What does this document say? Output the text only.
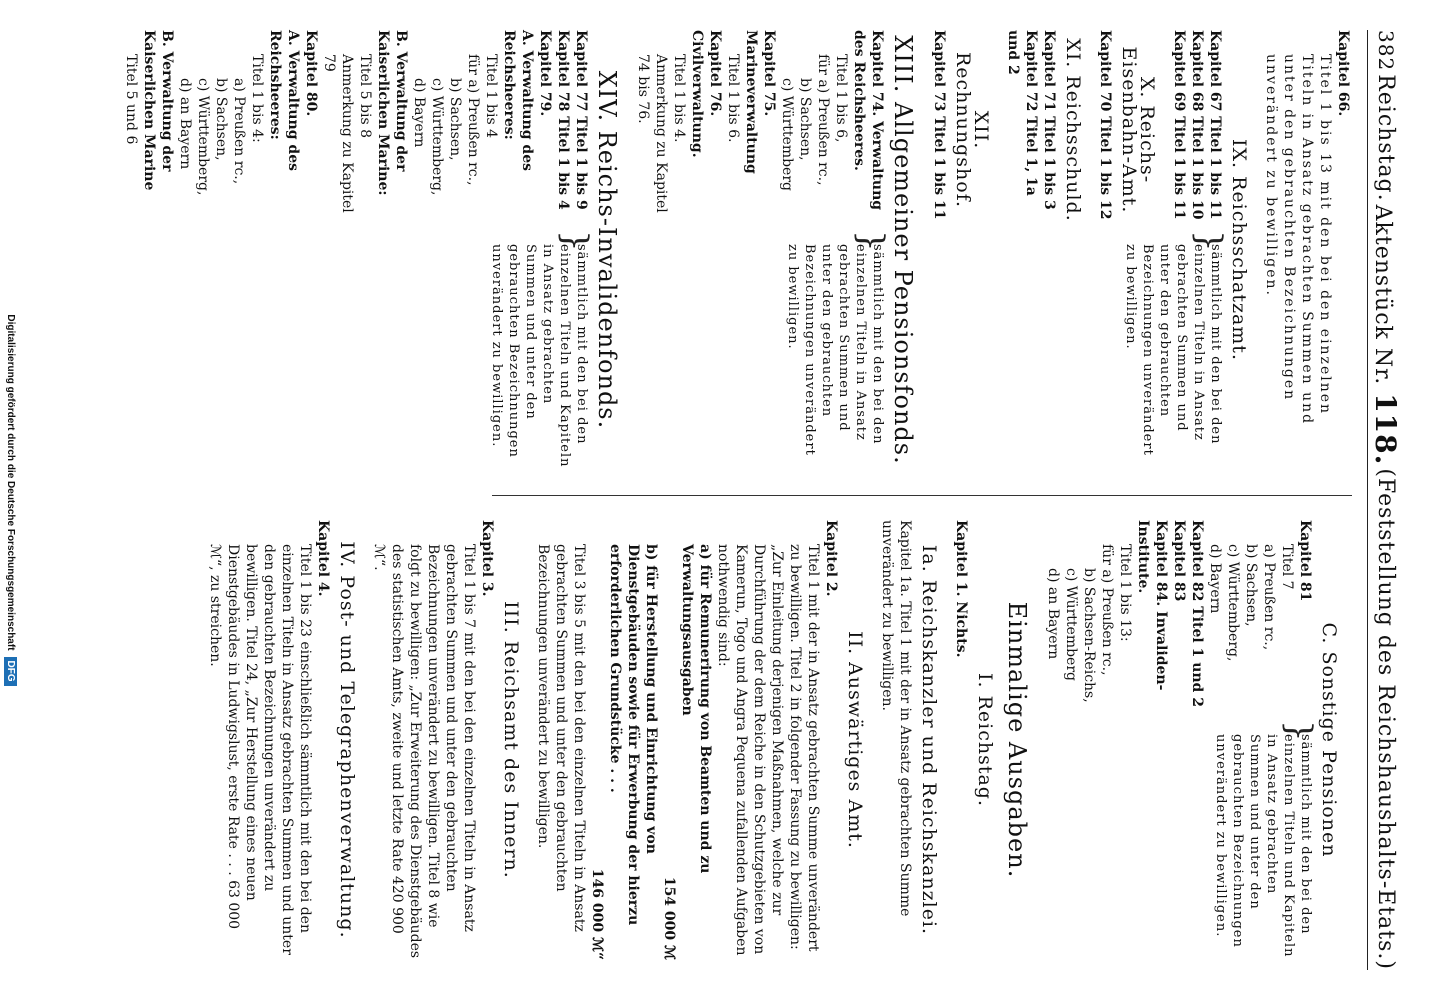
382
Reichstag.
Aktenstück Nr. 118.
(Feststellung des Reichshaushalts-Etats.)
Kapitel 66.
Titel 1 bis 13 mit den bei den einzelnen Titeln in Ansatz gebrachten Summen und unter den gebrauchten Bezeichnungen unverändert zu bewilligen.
IX. Reichsschatzamt.
Kapitel 67 Titel 1 bis 11
Kapitel 68 Titel 1 bis 10
Kapitel 69 Titel 1 bis 11
X. Reichs-Eisenbahn-Amt.
Kapitel 70 Titel 1 bis 12
XI. Reichsschuld.
Kapitel 71 Titel 1 bis 3
Kapitel 72 Titel 1, 1a und 2
XII. Rechnungshof.
Kapitel 73 Titel 1 bis 11
}
sämmtlich mit den bei den einzelnen Titeln in Ansatz gebrachten Summen und unter den gebrauchten Bezeichnungen unverändert zu bewilligen.
XIII. Allgemeiner Pensionsfonds.
Kapitel 74. Verwaltung des Reichsheeres.
Titel 1 bis 6,
für a) Preußen rc.,
b) Sachsen,
c) Württemberg
Kapitel 75. Marineverwaltung
Titel 1 bis 6.
Kapitel 76. Civilverwaltung.
Titel 1 bis 4.
Anmerkung zu Kapitel 74 bis 76.
}
sämmtlich mit den bei den einzelnen Titeln in Ansatz gebrachten Summen und unter den gebrauchten Bezeichnungen unverändert zu bewilligen.
XIV. Reichs-Invalidenfonds.
Kapitel 77 Titel 1 bis 9
Kapitel 78 Titel 1 bis 4
Kapitel 79.
A. Verwaltung des Reichsheeres:
Titel 1 bis 4
für a) Preußen rc.,
b) Sachsen,
c) Württemberg,
d) Bayern
B. Verwaltung der Kaiserlichen Marine:
Titel 5 bis 8
Anmerkung zu Kapitel 79
Kapitel 80.
A. Verwaltung des Reichsheeres:
Titel 1 bis 4:
a) Preußen rc.,
b) Sachsen,
c) Württemberg,
d) an Bayern
B. Verwaltung der Kaiserlichen Marine
Titel 5 und 6
}
sämmtlich mit den bei den einzelnen Titeln und Kapiteln in Ansatz gebrachten Summen und unter den gebrauchten Bezeichnungen unverändert zu bewilligen.
C. Sonstige Pensionen
Kapitel 81
Titel 7
a) Preußen rc.,
b) Sachsen,
c) Württemberg,
d) Bayern
Kapitel 82 Titel 1 und 2
Kapitel 83
Kapitel 84. Invaliden-Institute.
Titel 1 bis 13:
für a) Preußen rc.,
b) Sachsen-Reichs,
c) Württemberg
d) an Bayern
}
sämmtlich mit den bei den einzelnen Titeln und Kapiteln in Ansatz gebrachten Summen und unter den gebrauchten Bezeichnungen unverändert zu bewilligen.
Einmalige Ausgaben.
I. Reichstag.
Kapitel 1. Nichts.
Ia. Reichskanzler und Reichskanzlei.
Kapitel 1a. Titel 1 mit der in Ansatz gebrachten Summe unverändert zu bewilligen.
II. Auswärtiges Amt.
Kapitel 2.
Titel 1 mit der in Ansatz gebrachten Summe unverändert zu bewilligen. Titel 2 in folgender Fassung zu bewilligen: „Zur Einleitung derjenigen Maßnahmen, welche zur Durchführung der dem Reiche in den Schutzgebieten von Kamerun, Togo und Angra Pequena zufallenden Aufgaben nothwendig sind:
a) für Remunerirung von Beamten und zu Verwaltungsausgaben
154 000 ℳ
b) für Herstellung und Einrichtung von Dienstgebäuden sowie für Erwerbung der hierzu erforderlichen Grundstücke . . .
146 000 ℳ“
Titel 3 bis 5 mit den bei den einzelnen Titeln in Ansatz gebrachten Summen und unter den gebrauchten Bezeichnungen unverändert zu bewilligen.
III. Reichsamt des Innern.
Kapitel 3.
Titel 1 bis 7 mit den bei den einzelnen Titeln in Ansatz gebrachten Summen und unter den gebrauchten Bezeichnungen unverändert zu bewilligen. Titel 8 wie folgt zu bewilligen: „Zur Erweiterung des Dienstgebäudes des statistischen Amts, zweite und letzte Rate 420 900 ℳ“.
IV. Post- und Telegraphenverwaltung.
Kapitel 4.
Titel 1 bis 23 einschließlich sämmtlich mit den bei den einzelnen Titeln in Ansatz gebrachten Summen und unter den gebrauchten Bezeichnungen unverändert zu bewilligen. Titel 24, „Zur Herstellung eines neuen Dienstgebäudes in Ludwigslust, erste Rate . . . 63 000 ℳ“, zu streichen.
Digitalisierung gefördert durch die Deutsche Forschungsgemeinschaft
DFG
